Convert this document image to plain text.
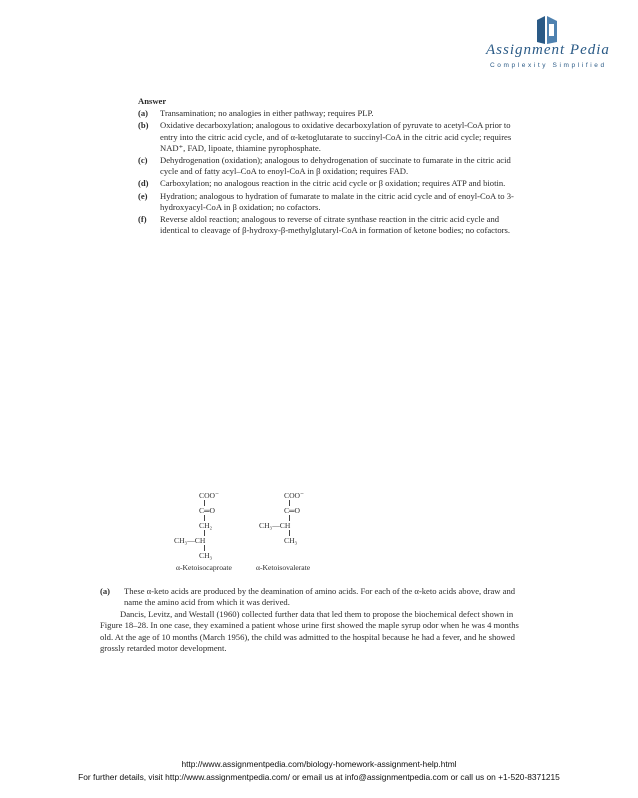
Assignment Pedia
Complexity Simplified
Answer
(a) Transamination; no analogies in either pathway; requires PLP.
(b) Oxidative decarboxylation; analogous to oxidative decarboxylation of pyruvate to acetyl-CoA prior to entry into the citric acid cycle, and of α-ketoglutarate to succinyl-CoA in the citric acid cycle; requires NAD⁺, FAD, lipoate, thiamine pyrophosphate.
(c) Dehydrogenation (oxidation); analogous to dehydrogenation of succinate to fumarate in the citric acid cycle and of fatty acyl–CoA to enoyl-CoA in β oxidation; requires FAD.
(d) Carboxylation; no analogous reaction in the citric acid cycle or β oxidation; requires ATP and biotin.
(e) Hydration; analogous to hydration of fumarate to malate in the citric acid cycle and of enoyl-CoA to 3-hydroxyacyl-CoA in β oxidation; no cofactors.
(f) Reverse aldol reaction; analogous to reverse of citrate synthase reaction in the citric acid cycle and identical to cleavage of β-hydroxy-β-methylglutaryl-CoA in formation of ketone bodies; no cofactors.
COO⁻
C═O
CH₂
CH₃—CH
CH₃
α-Ketoisocaproate
COO⁻
C═O
CH₃—CH
CH₃
α-Ketoisovalerate
(a) These α-keto acids are produced by the deamination of amino acids. For each of the α-keto acids above, draw and name the amino acid from which it was derived.

Dancis, Levitz, and Westall (1960) collected further data that led them to propose the biochemical defect shown in Figure 18–28. In one case, they examined a patient whose urine first showed the maple syrup odor when he was 4 months old. At the age of 10 months (March 1956), the child was admitted to the hospital because he had a fever, and he showed grossly retarded motor development.

http://www.assignmentpedia.com/biology-homework-assignment-help.html
For further details, visit http://www.assignmentpedia.com/ or email us at info@assignmentpedia.com or call us on +1-520-8371215
